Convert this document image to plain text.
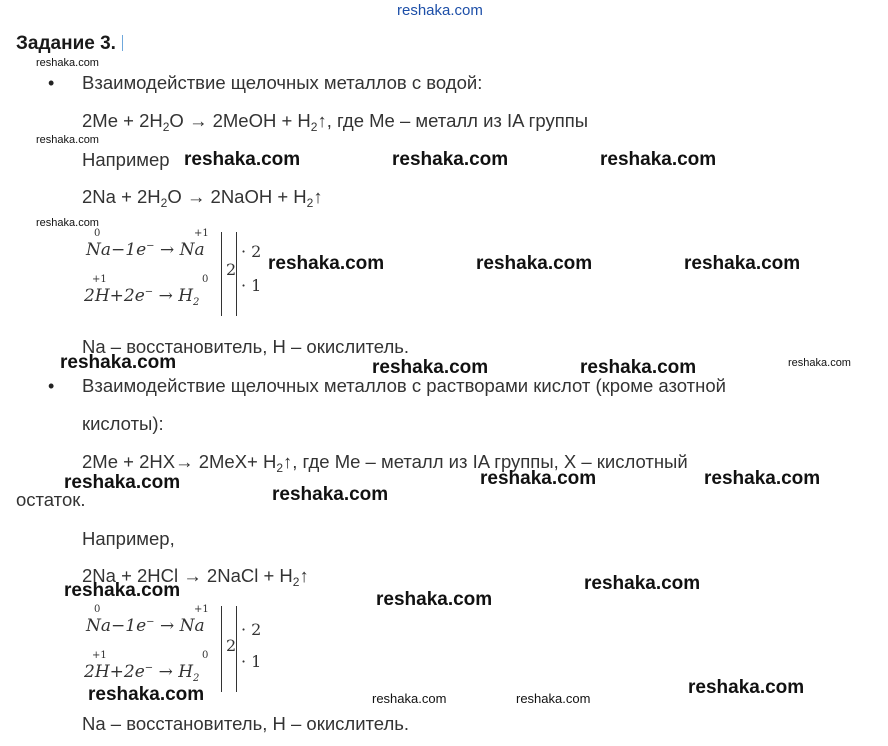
reshaka.com
Задание 3.
• Взаимодействие щелочных металлов с водой:
$2Me + 2H_2O$ → 2MeOH + $H_2↑$, где Me – металл из IA группы
Например
$2Na + 2H_2O$ → 2NaOH + $H_2↑$
0
Na−1e− → Na
+1
+1
$2H+2e^- \to H_2$
0
2
· 2
· 1
Na – восстановитель, H – окислитель.
• Взаимодействие щелочных металлов с растворами кислот (кроме азотной
кислоты):
$2Me + 2HX\to 2MeX+ H_2↑$, где Me – металл из IA группы, X – кислотный
остаток.
Например,
2Na + 2HCl → 2NaCl + $H_2↑$
0
Na−1e− → Na
+1
+1
$2H+2e^- \to H_2$
0
2
· 2
· 1
Na – восстановитель, H – окислитель.
reshaka.com
reshaka.com
reshaka.com	reshaka.com	reshaka.com
reshaka.com
reshaka.com	reshaka.com	reshaka.com
reshaka.com	reshaka.com	reshaka.com	reshaka.com
reshaka.com
reshaka.com
reshaka.com	reshaka.com
reshaka.com	reshaka.com
reshaka.com
reshaka.com	reshaka.com	reshaka.com
reshaka.com
